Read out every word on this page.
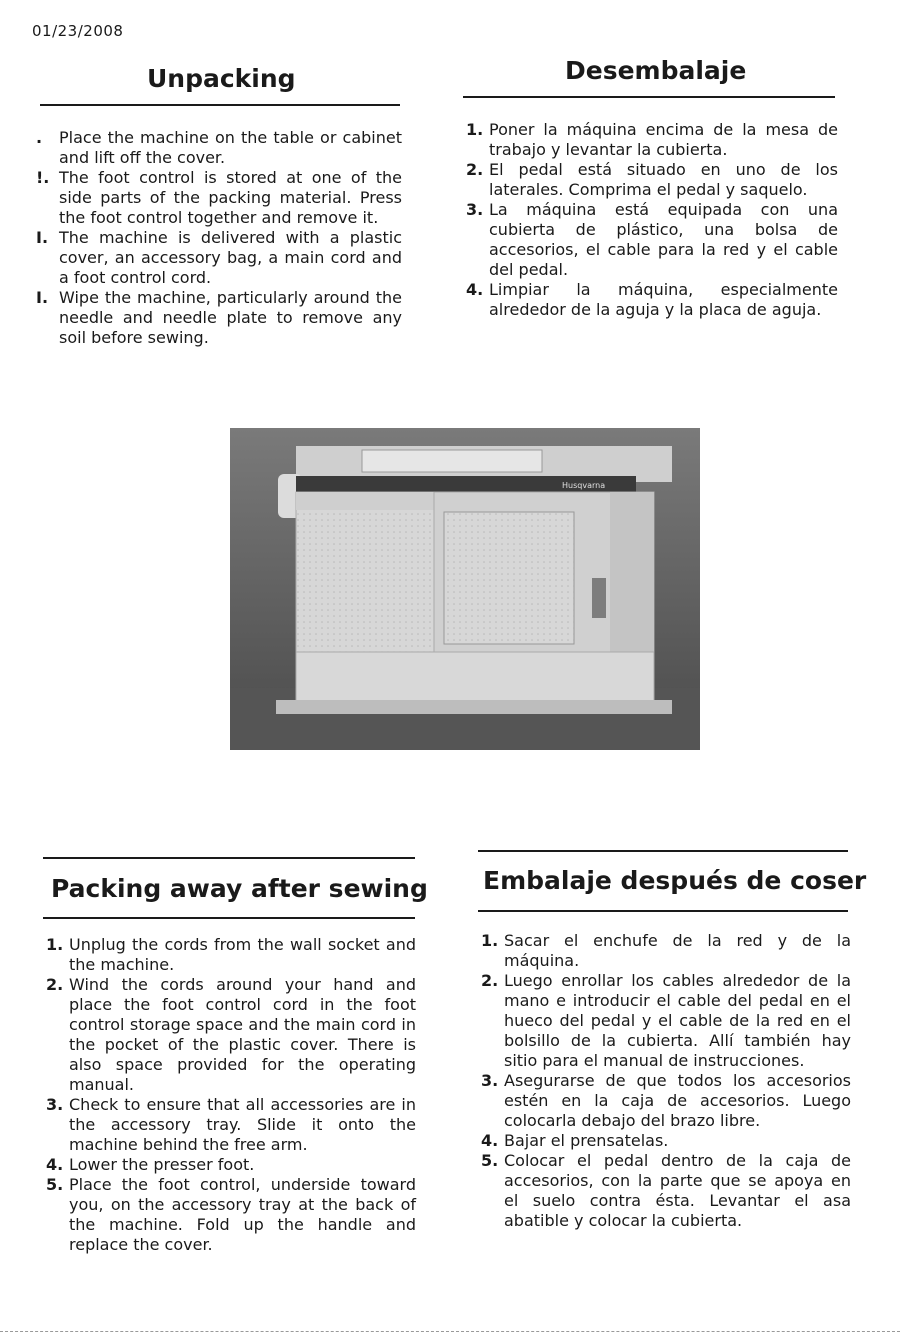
01/23/2008
Unpacking
. Place the machine on the table or cabinet and lift off the cover.
!. The foot control is stored at one of the side parts of the packing material. Press the foot control together and remove it.
I. The machine is delivered with a plastic cover, an accessory bag, a main cord and a foot control cord.
I. Wipe the machine, particularly around the needle and needle plate to remove any soil before sewing.
Desembalaje
1. Poner la máquina encima de la mesa de trabajo y levantar la cubierta.
2. El pedal está situado en uno de los laterales. Comprima el pedal y saquelo.
3. La máquina está equipada con una cubierta de plástico, una bolsa de accesorios, el cable para la red y el cable del pedal.
4. Limpiar la máquina, especialmente alrededor de la aguja y la placa de aguja.
Husqvarna
Packing away after sewing
1. Unplug the cords from the wall socket and the machine.
2. Wind the cords around your hand and place the foot control cord in the foot control storage space and the main cord in the pocket of the plastic cover. There is also space provided for the operating manual.
3. Check to ensure that all accessories are in the accessory tray. Slide it onto the machine behind the free arm.
4. Lower the presser foot.
5. Place the foot control, underside toward you, on the accessory tray at the back of the machine. Fold up the handle and replace the cover.
Embalaje después de coser
1. Sacar el enchufe de la red y de la máquina.
2. Luego enrollar los cables alrededor de la mano e introducir el cable del pedal en el hueco del pedal y el cable de la red en el bolsillo de la cubierta. Allí también hay sitio para el manual de instrucciones.
3. Asegurarse de que todos los accesorios estén en la caja de accesorios. Luego colocarla debajo del brazo libre.
4. Bajar el prensatelas.
5. Colocar el pedal dentro de la caja de accesorios, con la parte que se apoya en el suelo contra ésta. Levantar el asa abatible y colocar la cubierta.
